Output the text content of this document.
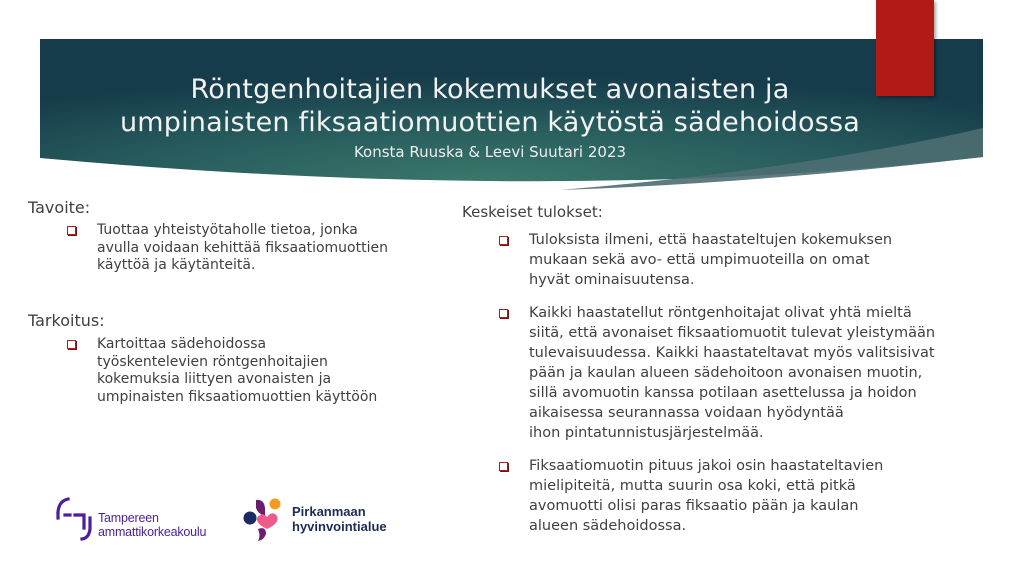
Röntgenhoitajien kokemukset avonaisten ja
umpinaisten fiksaatiomuottien käytöstä sädehoidossa
Konsta Ruuska & Leevi Suutari 2023
Tavoite:
Tuottaa yhteistyötaholle tietoa, jonka
avulla voidaan kehittää fiksaatiomuottien
käyttöä ja käytänteitä.
Tarkoitus:
Kartoittaa sädehoidossa
työskentelevien röntgenhoitajien
kokemuksia liittyen avonaisten ja
umpinaisten fiksaatiomuottien käyttöön
Keskeiset tulokset:
Tuloksista ilmeni, että haastateltujen kokemuksen
mukaan sekä avo- että umpimuoteilla on omat
hyvät ominaisuutensa.
Kaikki haastatellut röntgenhoitajat olivat yhtä mieltä
siitä, että avonaiset fiksaatiomuotit tulevat yleistymään
tulevaisuudessa. Kaikki haastateltavat myös valitsisivat
pään ja kaulan alueen sädehoitoon avonaisen muotin,
sillä avomuotin kanssa potilaan asettelussa ja hoidon
aikaisessa seurannassa voidaan hyödyntää
ihon pintatunnistusjärjestelmää.
Fiksaatiomuotin pituus jakoi osin haastateltavien
mielipiteitä, mutta suurin osa koki, että pitkä
avomuotti olisi paras fiksaatio pään ja kaulan
alueen sädehoidossa.
Tampereen
ammattikorkeakoulu
Pirkanmaan
hyvinvointialue
